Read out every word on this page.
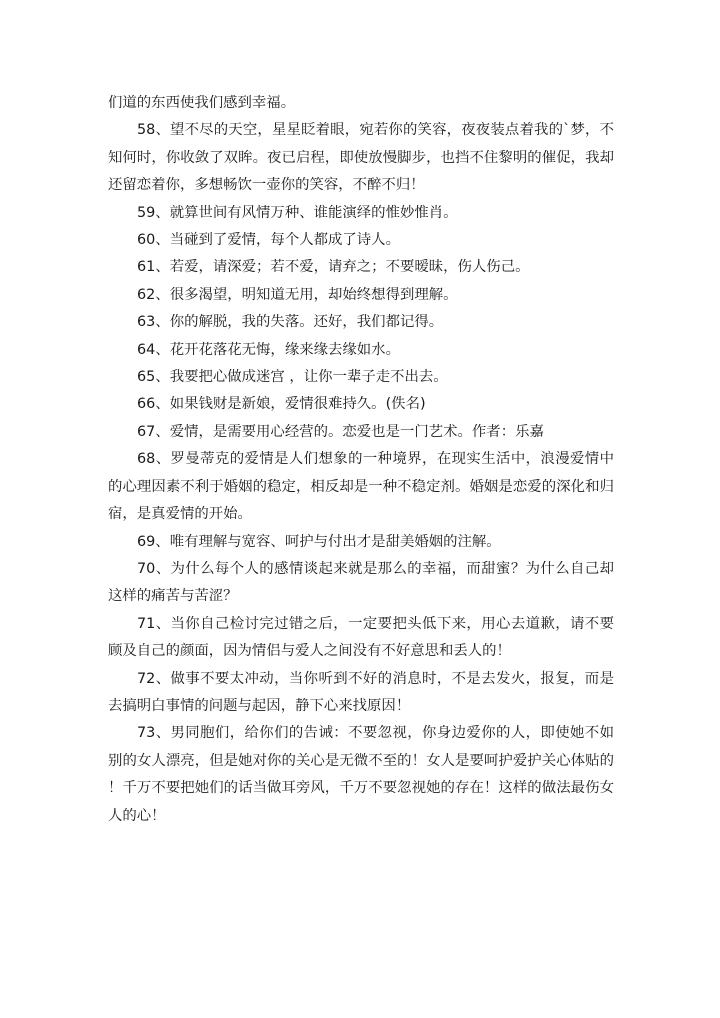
们道的东西使我们感到幸福。

58、望不尽的天空，星星眨着眼，宛若你的笑容，夜夜装点着我的`梦，不知何时，你收敛了双眸。夜已启程，即使放慢脚步，也挡不住黎明的催促，我却还留恋着你，多想畅饮一壶你的笑容，不醉不归！

59、就算世间有风情万种、谁能演绎的惟妙惟肖。

60、当碰到了爱情，每个人都成了诗人。

61、若爱，请深爱；若不爱，请弃之；不要暧昧，伤人伤己。

62、很多渴望，明知道无用，却始终想得到理解。

63、你的解脱，我的失落。还好，我们都记得。

64、花开花落花无悔，缘来缘去缘如水。

65、我要把心做成迷宫 ，让你一辈子走不出去。

66、如果钱财是新娘，爱情很难持久。(佚名)

67、爱情，是需要用心经营的。恋爱也是一门艺术。作者：乐嘉

68、罗曼蒂克的爱情是人们想象的一种境界，在现实生活中，浪漫爱情中的心理因素不利于婚姻的稳定，相反却是一种不稳定剂。婚姻是恋爱的深化和归宿，是真爱情的开始。

69、唯有理解与宽容、呵护与付出才是甜美婚姻的注解。

70、为什么每个人的感情谈起来就是那么的幸福，而甜蜜？为什么自己却这样的痛苦与苦涩？

71、当你自己检讨完过错之后，一定要把头低下来，用心去道歉，请不要顾及自己的颜面，因为情侣与爱人之间没有不好意思和丢人的！

72、做事不要太冲动，当你听到不好的消息时，不是去发火，报复，而是去搞明白事情的问题与起因，静下心来找原因！

73、男同胞们，给你们的告诫：不要忽视，你身边爱你的人，即使她不如别的女人漂亮，但是她对你的关心是无微不至的！女人是要呵护爱护关心体贴的！千万不要把她们的话当做耳旁风，千万不要忽视她的存在！这样的做法最伤女人的心！
